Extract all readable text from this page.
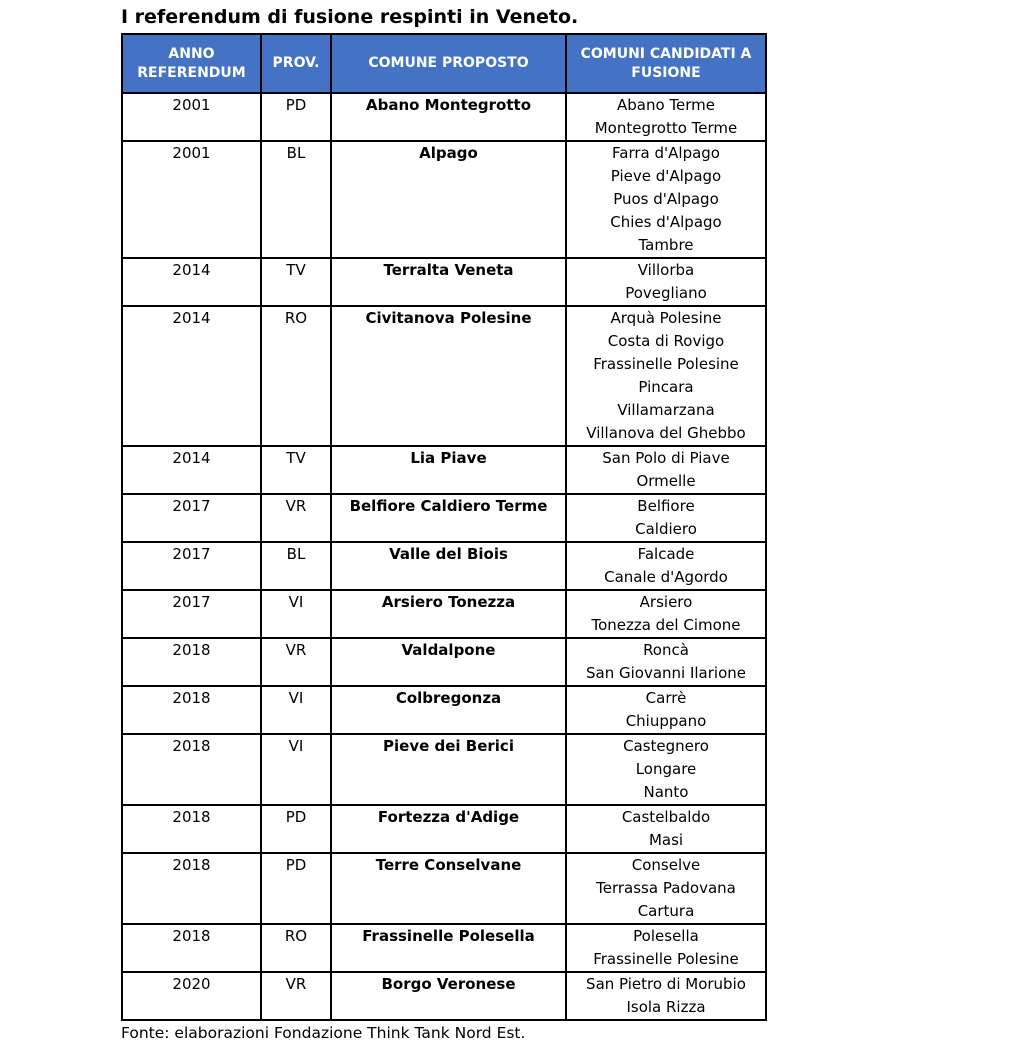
I referendum di fusione respinti in Veneto.
ANNO REFERENDUM	PROV.	COMUNE PROPOSTO	COMUNI CANDIDATI A FUSIONE
2001	PD	Abano Montegrotto	Abano Terme
Montegrotto Terme

2001	BL	Alpago	Farra d'Alpago
Pieve d'Alpago
Puos d'Alpago
Chies d'Alpago
Tambre

2014	TV	Terralta Veneta	Villorba
Povegliano

2014	RO	Civitanova Polesine	Arquà Polesine
Costa di Rovigo
Frassinelle Polesine
Pincara
Villamarzana
Villanova del Ghebbo

2014	TV	Lia Piave	San Polo di Piave
Ormelle

2017	VR	Belfiore Caldiero Terme	Belfiore
Caldiero

2017	BL	Valle del Biois	Falcade
Canale d'Agordo

2017	VI	Arsiero Tonezza	Arsiero
Tonezza del Cimone

2018	VR	Valdalpone	Roncà
San Giovanni Ilarione

2018	VI	Colbregonza	Carrè
Chiuppano

2018	VI	Pieve dei Berici	Castegnero
Longare
Nanto

2018	PD	Fortezza d'Adige	Castelbaldo
Masi

2018	PD	Terre Conselvane	Conselve
Terrassa Padovana
Cartura

2018	RO	Frassinelle Polesella	Polesella
Frassinelle Polesine

2020	VR	Borgo Veronese	San Pietro di Morubio
Isola Rizza
Fonte: elaborazioni Fondazione Think Tank Nord Est.
